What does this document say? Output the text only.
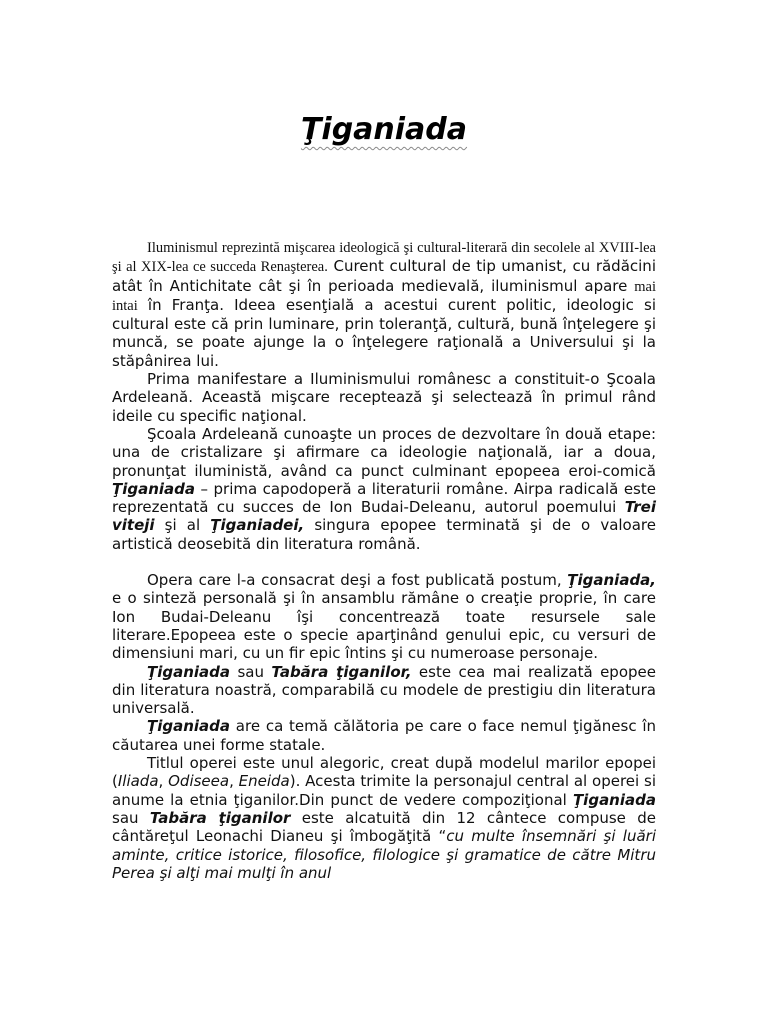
Ţiganiada

Iluminismul reprezintă mişcarea ideologică şi cultural-literară din secolele al XVIII-lea şi al XIX-lea ce succeda Renaşterea. Curent cultural de tip umanist, cu rădăcini atât în Antichitate cât şi în perioada medievală, iluminismul apare mai intai în Franţa. Ideea esenţială a acestui curent politic, ideologic si cultural este că prin luminare, prin toleranţă, cultură, bună înţelegere şi muncă, se poate ajunge la o înţelegere raţională a Universului şi la stăpânirea lui.

Prima manifestare a Iluminismului românesc a constituit-o Şcoala Ardeleană. Această mişcare receptează şi selectează în primul rând ideile cu specific naţional.

Şcoala Ardeleană cunoaşte un proces de dezvoltare în două etape: una de cristalizare şi afirmare ca ideologie naţională, iar a doua, pronunţat iluministă, având ca punct culminant epopeea eroi-comică Ţiganiada – prima capodoperă a literaturii române. Airpa radicală este reprezentată cu succes de Ion Budai-Deleanu, autorul poemului Trei viteji şi al Ţiganiadei, singura epopee terminată şi de o valoare artistică deosebită din literatura română.

Opera care l-a consacrat deşi a fost publicată postum, Ţiganiada, e o sinteză personală şi în ansamblu rămâne o creaţie proprie, în care Ion Budai-Deleanu îşi concentrează toate resursele sale literare.Epopeea este o specie aparţinând genului epic, cu versuri de dimensiuni mari, cu un fir epic întins şi cu numeroase personaje.

Ţiganiada sau Tabăra ţiganilor, este cea mai realizată epopee din literatura noastră, comparabilă cu modele de prestigiu din literatura universală.

Ţiganiada are ca temă călătoria pe care o face nemul ţigănesc în căutarea unei forme statale.

Titlul operei este unul alegoric, creat după modelul marilor epopei (Iliada, Odiseea, Eneida). Acesta trimite la personajul central al operei si anume la etnia ţiganilor.Din punct de vedere compoziţional Ţiganiada sau Tabăra ţiganilor este alcatuită din 12 cântece compuse de cântăreţul Leonachi Dianeu şi îmbogăţită “cu multe însemnări şi luări aminte, critice istorice, filosofice, filologice şi gramatice de către Mitru Perea şi alţi mai mulţi în anul
